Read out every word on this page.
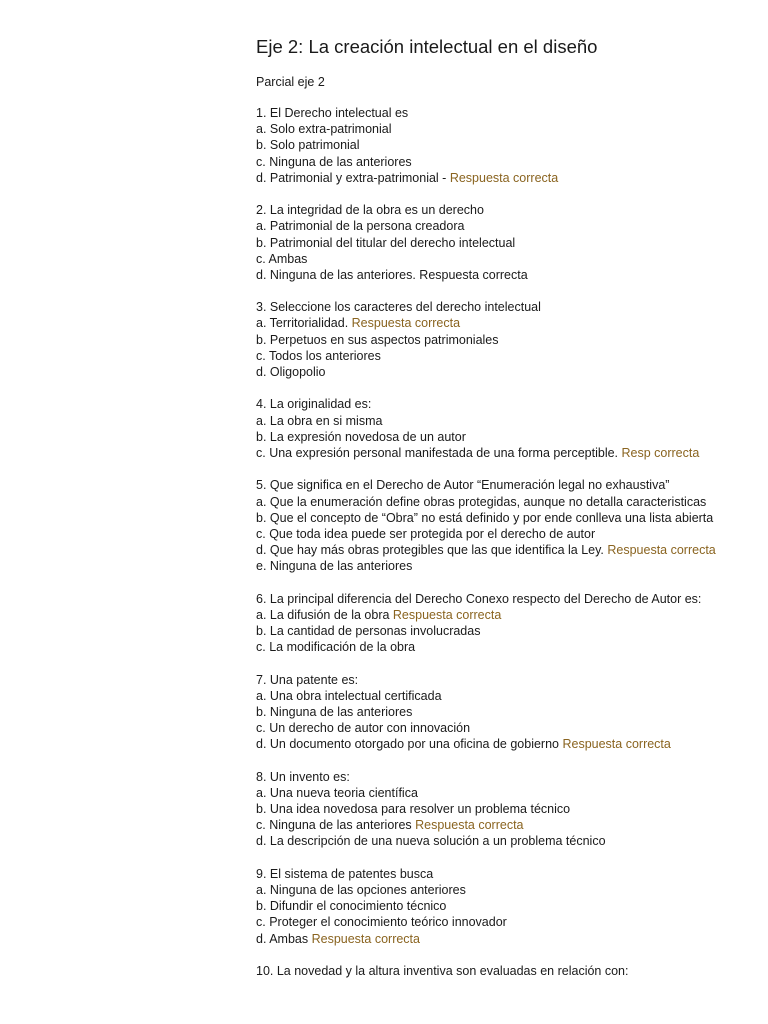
Eje 2: La creación intelectual en el diseño
Parcial eje 2
1. El Derecho intelectual es
a. Solo extra-patrimonial
b. Solo patrimonial
c. Ninguna de las anteriores
d. Patrimonial y extra-patrimonial - Respuesta correcta
2. La integridad de la obra es un derecho
a. Patrimonial de la persona creadora
b. Patrimonial del titular del derecho intelectual
c. Ambas
d. Ninguna de las anteriores. Respuesta correcta
3. Seleccione los caracteres del derecho intelectual
a. Territorialidad. Respuesta correcta
b. Perpetuos en sus aspectos patrimoniales
c. Todos los anteriores
d. Oligopolio
4. La originalidad es:
a. La obra en si misma
b. La expresión novedosa de un autor
c. Una expresión personal manifestada de una forma perceptible. Resp correcta
5. Que significa en el Derecho de Autor “Enumeración legal no exhaustiva”
a. Que la enumeración define obras protegidas, aunque no detalla caracteristicas
b. Que el concepto de “Obra” no está definido y por ende conlleva una lista abierta
c. Que toda idea puede ser protegida por el derecho de autor
d. Que hay más obras protegibles que las que identifica la Ley. Respuesta correcta
e. Ninguna de las anteriores
6. La principal diferencia del Derecho Conexo respecto del Derecho de Autor es:
a. La difusión de la obra Respuesta correcta
b. La cantidad de personas involucradas
c. La modificación de la obra
7. Una patente es:
a. Una obra intelectual certificada
b. Ninguna de las anteriores
c. Un derecho de autor con innovación
d. Un documento otorgado por una oficina de gobierno Respuesta correcta
8. Un invento es:
a. Una nueva teoria científica
b. Una idea novedosa para resolver un problema técnico
c. Ninguna de las anteriores Respuesta correcta
d. La descripción de una nueva solución a un problema técnico
9. El sistema de patentes busca
a. Ninguna de las opciones anteriores
b. Difundir el conocimiento técnico
c. Proteger el conocimiento teórico innovador
d. Ambas Respuesta correcta
10. La novedad y la altura inventiva son evaluadas en relación con:
